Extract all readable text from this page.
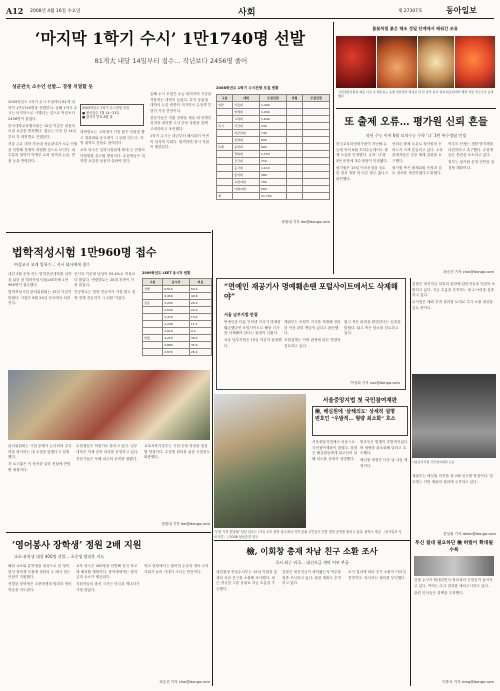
A12 2008년 4월 16일 수요일	사회	제 27307호	동아일보
‘마지막 1학기 수시’ 1만1740명 선발
81개大 내달 14일부터 접수… 작년보다 2456명 줄어
성균관大 소수인 선발… 경쟁 치열할 듯

2009학년도 1학기 수시 모집에서 81개 대학이 1만1740명을 선발한다. 올해 1학기 수시는 마지막으로 시행되는 것으로 작년보다 2456명이 줄었다.

한국대학교육협의회는 15일 이같은 내용의 모집 요강을 발표했다. 접수는 다음 달 14일부터 각 대학별로 진행된다.

서울 주요 대학 가운데 성균관대가 소수 인원을 선발해 경쟁이 치열할 것으로 보인다. 대부분의 대학이 학생부 교과 성적과 논술, 면접 등을 반영한다.

2009학년도 1학기 수시전형 일정
■ 원서접수 7월 14~23일
■ 합격자 발표 8월 말

대학별로는 고려대가 가장 많은 인원을 뽑고 경희대와 동국대가 그 뒤를 잇는다. 지역 대학도 상당수 참여한다.

교육 당국은 입학사정관제 확대 등 전형의 다양화를 유도할 방침이다. 수험생들은 대학별 요강을 꼼꼼히 살펴야 한다.

올해 수시 모집은 수능 최저학력 기준을 적용하는 대학이 늘었다. 특히 상위권 대학의 논술 비중이 커지면서 수험생 부담이 커질 전망이다.

전문가들은 지원 전략을 세울 때 학생부 성적과 대학별 고사 준비 상황을 함께 고려하라고 조언했다.

1학기 수시는 내년부터 폐지되어 이번이 마지막 기회다. 합격하면 정시 지원이 제한된다.

2008학년도 1학기 수시전형 모집 현황
구분	대학	모집인원	전형	모집인원
일반	서울대	1,400		
	연세대	1,000		
	고려대	1,640		
특기	서강대	340		
	성균관대	740		
	한양대	500		
특별	중앙대	800		
	경희대	1,150		
	건국대	710		
	동국대	1,110		
	홍익대	380		
	숙명여대	700		
	이화여대	600		
계		11,740		
정원대 기자 lee@donga.com
불꽃처럼 붉은 해조 정밀 단계에서 배워간 조류
국립생물자원관 제공 사진 속 해조류는 동해 연안에서 채집된 뒤 한 장씩 분석 결과 대공원에서 해양 식물 연구소가 공개했다.
또 출제 오류… 평가원 신뢰 흔들
작년 수능 이어 6월 모의수능 수학 ‘나’ 3번 복수정답 인정

한국교육과정평가원이 지난해 수능에 이어 6월 모의수능에서도 출제 오류를 인정했다. 수학 ‘나’형 3번 문항에 복수정답이 인정됐다.

평가원은 15일 이의신청을 검토한 결과 정답 외 다른 답도 옳다고 판단했다.

잇따른 출제 오류로 평가원의 신뢰도가 크게 흔들리고 있다. 교육 관계자들은 검증 체계 강화를 요구했다.

평가원 측은 출제위원 선정과 검토 절차를 개선하겠다고 밝혔다.

학부모 단체는 재발 방지책을 마련하라고 촉구했다. 수험생들은 혼란을 호소하고 있다.

정부는 평가원 운영 전반을 점검할 계획이다.

최승진 기자 choi@donga.com
“연예인 재공기사 명예훼손땐 포털사이트에서도 삭제해야”
서울 남부지법 판결

연예인을 다룬 인터넷 기사가 명예를 훼손했다면 포털사이트도 해당 기사를 삭제해야 한다는 판결이 나왔다.

서울 남부지법은 15일 이같이 판결했다.

재판부는 포털이 기사를 게재해 전파한 이상 관리 책임이 있다고 판단했다.

포털업계는 이번 판결에 따른 영향을 검토하고 있다.

원고 측은 판결을 환영한다는 입장을 밝혔다. 피고 측은 항소를 검토하고 있다.

이성희 기자 sun@donga.com

검찰은 대선자금 의혹과 관련해 관련자들을 잇달아 소환하고 있다. 자금 흐름을 추적하는 데 수사력을 집중하고 있다.

수사팀은 계좌 추적 결과를 토대로 추가 소환 대상을 검토 중이다.

법학적성시험 1만960명 접수
여성교시 교재 입학수… 지시 회사에게 접수

내년 3월 문을 여는 법학전문대학원 입학을 위한 첫 법학적성시험(LEET)에 1만960명이 접수했다.

법학적성시험 관리위원회는 15일 이같이 밝혔다. 시험은 8월 24일 전국에서 치러진다.

응시자 가운데 남성이 59.4%로 여성보다 많았다. 연령별로는 20대 후반이 가장 많았다.

전공별로는 법학 전공자가 가장 많고 경영·경제 전공자가 그 뒤를 이었다.

2009학년도 LEET 응시자 현황
구분	응시자	비율
성별	6,510	59.4
	4,450	40.6
전공	3,200	29.2
	2,630	24.0
	1,470	13.4
	1,240	11.3
	1,010	9.2
연령	4,210	38.4
	3,880	35.4
	2,870	26.2
‘부왕 기적 한남패’ 성남 뒤로는 17일 오후 충북 청주에서 지역 관광 주민들이 전통 재현 공연을 펼치고 있다. 충북도 제공 〈동아일보 자료사진〉 / 2008 성남중앙 한국

관리위원회는 시험 문제가 논리력과 추리력을 평가하는 데 초점을 맞췄다고 설명했다.

각 로스쿨은 이 성적을 입학 전형에 반영할 예정이다.

수험생들은 학원가로 몰리고 있다. 일부 대학은 자체 준비 과정을 운영하고 있다.

전문가들은 독해 위주의 준비를 권했다.

교육과학기술부는 시험 운영 과정을 점검할 방침이다. 수험생 편의를 위한 시험장도 확충했다.

정원대 기자 lee@donga.com
‘영어봉사 장학생’ 정원 2배 지원
교포·유학생 대상 400명 선발… 초중생 방과후 지도

해외 교포와 유학생을 대상으로 한 영어봉사 장학생 모집에 정원의 두 배가 넘는 인원이 지원했다.

선발된 장학생은 초중학생의 방과후 영어 학습을 지도한다.

교육 당국은 400명을 선발해 전국 학교에 배치할 계획이다. 장학생에게는 장학금과 숙소가 제공된다.

지원자들의 출신 국가는 미국과 캐나다가 가장 많았다.

학교 현장에서는 원어민 수준의 영어 교육 기회가 늘어 기대가 크다는 반응이다.

최승진 기자 choi@donga.com
서울중앙지법 첫 국민참여재판
檢, 배심원에 ‘살해의도’ 상세히 설명
변호인 “우발적… 형량 최소화” 호소

서울중앙지법에서 처음으로 국민참여재판이 열렸다. 검찰은 배심원들에게 피고인의 살해 의도를 상세히 설명했다.

변호인은 범행이 우발적이었다며 형량을 최소화해 달라고 호소했다.

배심원 평결은 다음 날 나올 예정이다.

서울중앙지법 국민참여재판 모습

재판부는 배심원 의견을 참고해 선고할 방침이다. 법조계는 이번 재판의 결과에 주목하고 있다.

전성철 기자 dawn@donga.com
檢, 이회창 총재 차남 친구 소환 조사
국시 최근 귀국… 대선자금 세탁 여부 추궁

대검찰청 중앙수사부는 15일 이회창 총재의 차남 친구를 소환해 조사했다. 최근 귀국한 그를 상대로 자금 흐름을 추궁했다.

검찰은 대선자금이 세탁됐는지 여부를 집중 조사하고 있다. 관련 계좌도 추적하고 있다.

조사 결과에 따라 추가 소환이 이어질 전망이다. 당사자는 혐의를 부인했다.

투신 절대 필요하단 檢 허벌이 확대될수록

검찰 수사가 확대되면서 정치권의 긴장감이 높아지고 있다. 여야는 수사 결과를 예의주시하고 있다.

관련 인사들은 결백을 주장했다.

이종석 기자 wing@donga.com
